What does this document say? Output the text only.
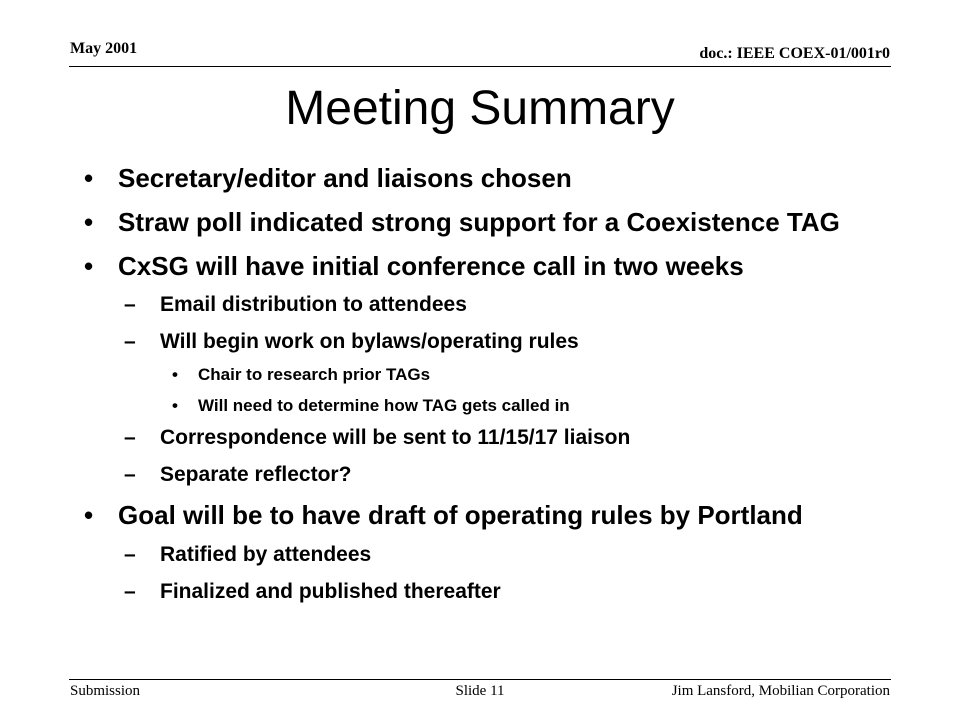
May 2001	doc.: IEEE COEX-01/001r0
Meeting Summary
• Secretary/editor and liaisons chosen
• Straw poll indicated strong support for a Coexistence TAG
• CxSG will have initial conference call in two weeks
– Email distribution to attendees
– Will begin work on bylaws/operating rules
• Chair to research prior TAGs
• Will need to determine how TAG gets called in
– Correspondence will be sent to 11/15/17 liaison
– Separate reflector?
• Goal will be to have draft of operating rules by Portland
– Ratified by attendees
– Finalized and published thereafter
Submission	Slide 11	Jim Lansford, Mobilian Corporation
